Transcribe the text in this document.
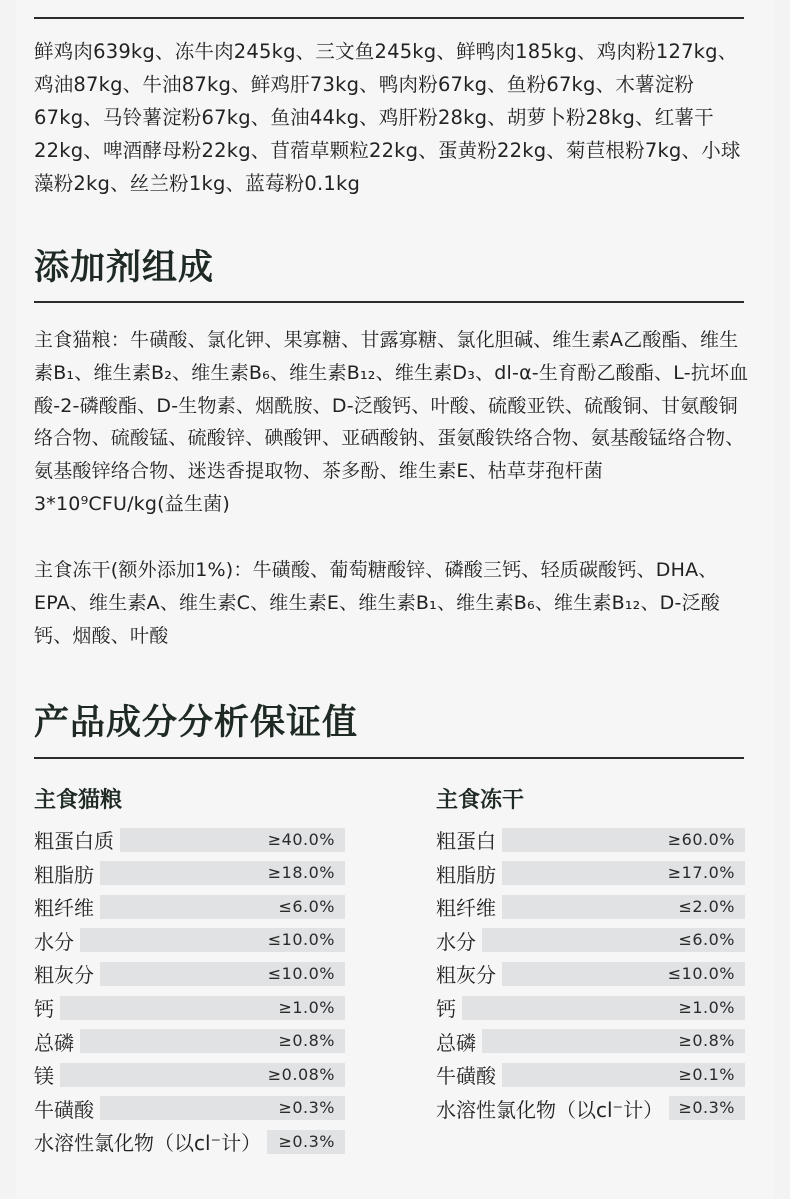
鲜鸡肉639kg、冻牛肉245kg、三文鱼245kg、鲜鸭肉185kg、鸡肉粉127kg、鸡油87kg、牛油87kg、鲜鸡肝73kg、鸭肉粉67kg、鱼粉67kg、木薯淀粉67kg、马铃薯淀粉67kg、鱼油44kg、鸡肝粉28kg、胡萝卜粉28kg、红薯干22kg、啤酒酵母粉22kg、苜蓿草颗粒22kg、蛋黄粉22kg、菊苣根粉7kg、小球藻粉2kg、丝兰粉1kg、蓝莓粉0.1kg
添加剂组成
主食猫粮：牛磺酸、氯化钾、果寡糖、甘露寡糖、氯化胆碱、维生素A乙酸酯、维生素B₁、维生素B₂、维生素B₆、维生素B₁₂、维生素D₃、dl-α-生育酚乙酸酯、L-抗坏血酸-2-磷酸酯、D-生物素、烟酰胺、D-泛酸钙、叶酸、硫酸亚铁、硫酸铜、甘氨酸铜络合物、硫酸锰、硫酸锌、碘酸钾、亚硒酸钠、蛋氨酸铁络合物、氨基酸锰络合物、氨基酸锌络合物、迷迭香提取物、茶多酚、维生素E、枯草芽孢杆菌3*10⁹CFU/kg(益生菌)
主食冻干(额外添加1%)：牛磺酸、葡萄糖酸锌、磷酸三钙、轻质碳酸钙、DHA、EPA、维生素A、维生素C、维生素E、维生素B₁、维生素B₆、维生素B₁₂、D-泛酸钙、烟酸、叶酸
产品成分分析保证值
主食猫粮	主食冻干
粗蛋白质	≥40.0%
粗脂肪	≥18.0%
粗纤维	≤6.0%
水分	≤10.0%
粗灰分	≤10.0%
钙	≥1.0%
总磷	≥0.8%
镁	≥0.08%
牛磺酸	≥0.3%
水溶性氯化物（以cl⁻计）	≥0.3%
粗蛋白	≥60.0%
粗脂肪	≥17.0%
粗纤维	≤2.0%
水分	≤6.0%
粗灰分	≤10.0%
钙	≥1.0%
总磷	≥0.8%
牛磺酸	≥0.1%
水溶性氯化物（以cl⁻计） ≥0.3%
